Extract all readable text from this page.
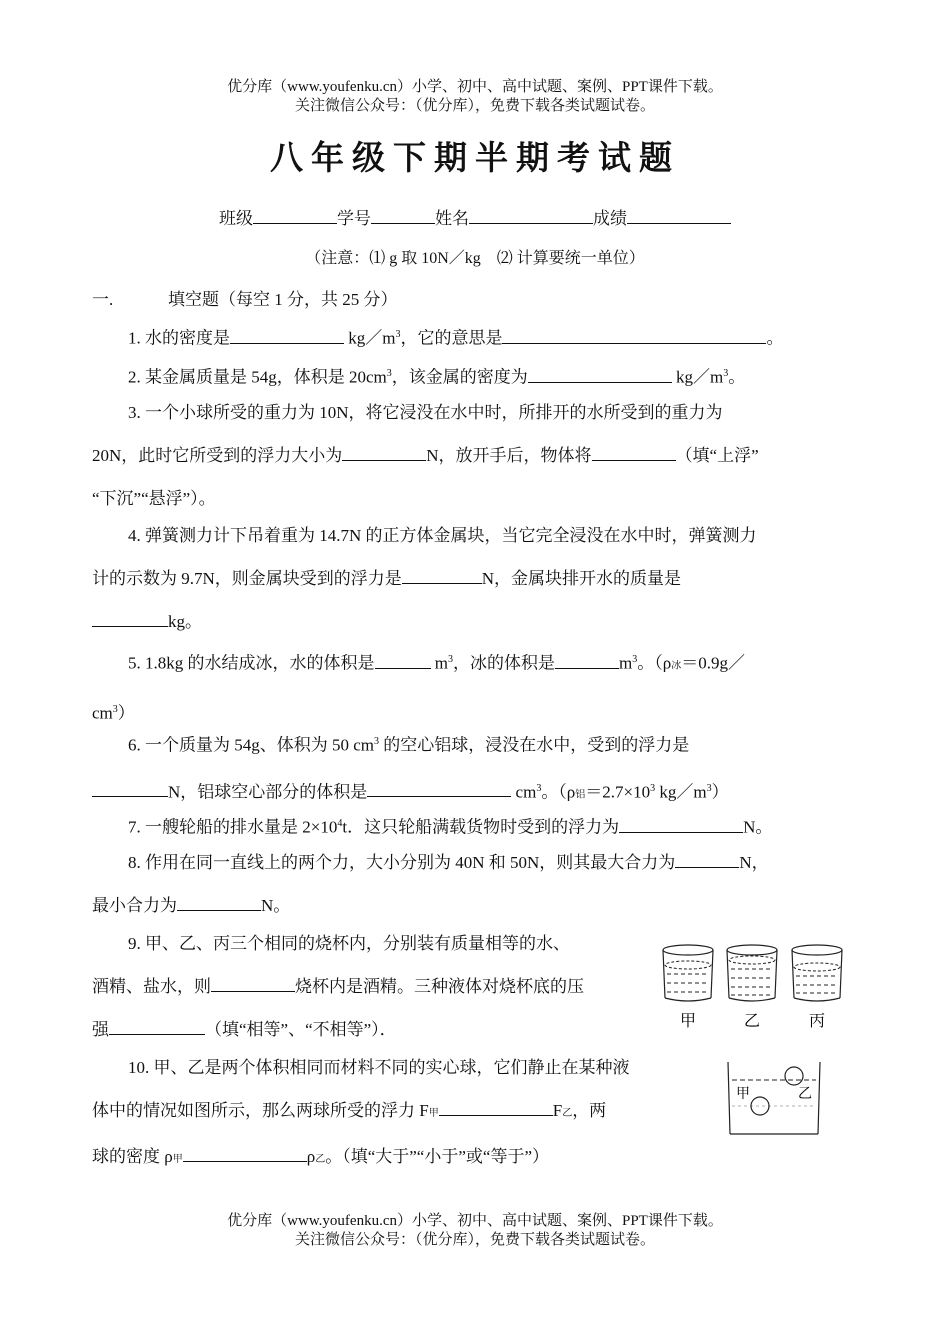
优分库（www.youfenku.cn）小学、初中、高中试题、案例、PPT课件下载。
关注微信公众号：（优分库），免费下载各类试题试卷。
八年级下期半期考试题
班级	学号	姓名	成绩
（注意：⑴ g 取 10N／kg　⑵ 计算要统一单位）
一.	填空题（每空 1 分，共 25 分）
1. 水的密度是	$kg/m^3$，它的意思是	。
2. 某金属质量是 54g，体积是 $20cm^3$，该金属的密度为	$kg/m^3$。
3. 一个小球所受的重力为 10N，将它浸没在水中时，所排开的水所受到的重力为
20N，此时它所受到的浮力大小为	N，放开手后，物体将	（填“上浮”
“下沉”“悬浮”）。
4. 弹簧测力计下吊着重为 14.7N 的正方体金属块，当它完全浸没在水中时，弹簧测力
计的示数为 9.7N，则金属块受到的浮力是	N，金属块排开水的质量是
kg。
5. 1.8kg 的水结成冰，水的体积是	$m^3$，冰的体积是	$m^3$。（ρ冰＝0.9g／
$cm^3$）
6. 一个质量为 54g、体积为 50 $cm^3$ 的空心铝球，浸没在水中，受到的浮力是
N，铝球空心部分的体积是	$cm^3$。（ρ铝$=2.7\times 10^3$ $kg/m^3$）
7. 一艘轮船的排水量是 $2\times 10^4t$．这只轮船满载货物时受到的浮力为	N。
8. 作用在同一直线上的两个力，大小分别为 40N 和 50N，则其最大合力为	N，
最小合力为	N。
9. 甲、乙、丙三个相同的烧杯内，分别装有质量相等的水、
酒精、盐水，则	烧杯内是酒精。三种液体对烧杯底的压
强	（填“相等”、“不相等”）．	甲	乙	丙
10. 甲、乙是两个体积相同而材料不同的实心球，它们静止在某种液
体中的情况如图所示，那么两球所受的浮力 F甲	F乙，两
球的密度 ρ甲	ρ乙。（填“大于”“小于”或“等于”）
甲	乙
优分库（www.youfenku.cn）小学、初中、高中试题、案例、PPT课件下载。
关注微信公众号：（优分库），免费下载各类试题试卷。
